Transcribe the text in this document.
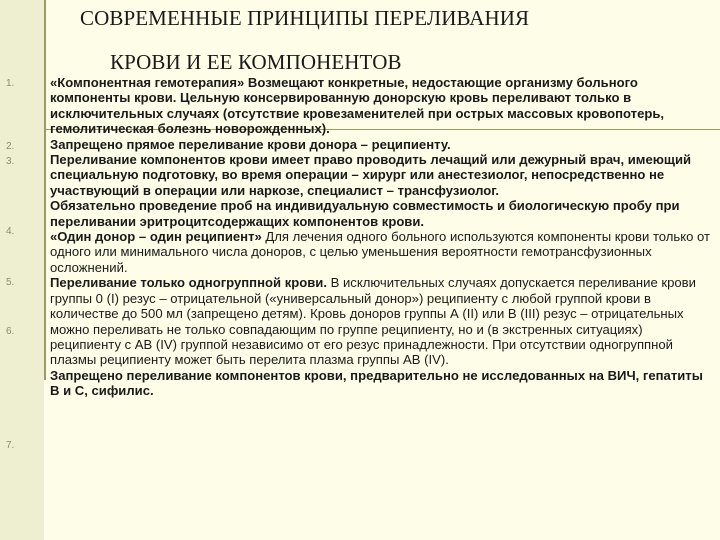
СОВРЕМЕННЫЕ ПРИНЦИПЫ ПЕРЕЛИВАНИЯ
КРОВИ И ЕЕ КОМПОНЕНТОВ
1.
2.
3.
4.
5.
6.
7.

«Компонентная гемотерапия» Возмещают конкретные, недостающие организму больного компоненты крови. Цельную консервированную донорскую кровь переливают только в исключительных случаях (отсутствие кровезаменителей при острых массовых кровопотерь, гемолитическая болезнь новорожденных).

Запрещено прямое переливание крови донора – реципиенту.

Переливание компонентов крови имеет право проводить лечащий или дежурный врач, имеющий специальную подготовку, во время операции – хирург или анестезиолог, непосредственно не участвующий в операции или наркозе, специалист – трансфузиолог.

Обязательно проведение проб на индивидуальную совместимость и биологическую пробу при переливании эритроцитсодержащих компонентов крови.

«Один донор – один реципиент» Для лечения одного больного используются компоненты крови только от одного или минимального числа доноров, с целью уменьшения вероятности гемотрансфузионных осложнений.

Переливание только одногруппной крови. В исключительных случаях допускается переливание крови группы 0 (I) резус – отрицательной («универсальный донор») реципиенту с любой группой крови в количестве до 500 мл (запрещено детям). Кровь доноров группы А (II) или В (III) резус – отрицательных можно переливать не только совпадающим по группе реципиенту, но и (в экстренных ситуациях) реципиенту с АВ (IV) группой независимо от его резус принадлежности. При отсутствии одногруппной плазмы реципиенту может быть перелита плазма группы АВ (IV).

Запрещено переливание компонентов крови, предварительно не исследованных на ВИЧ, гепатиты В и С, сифилис.
